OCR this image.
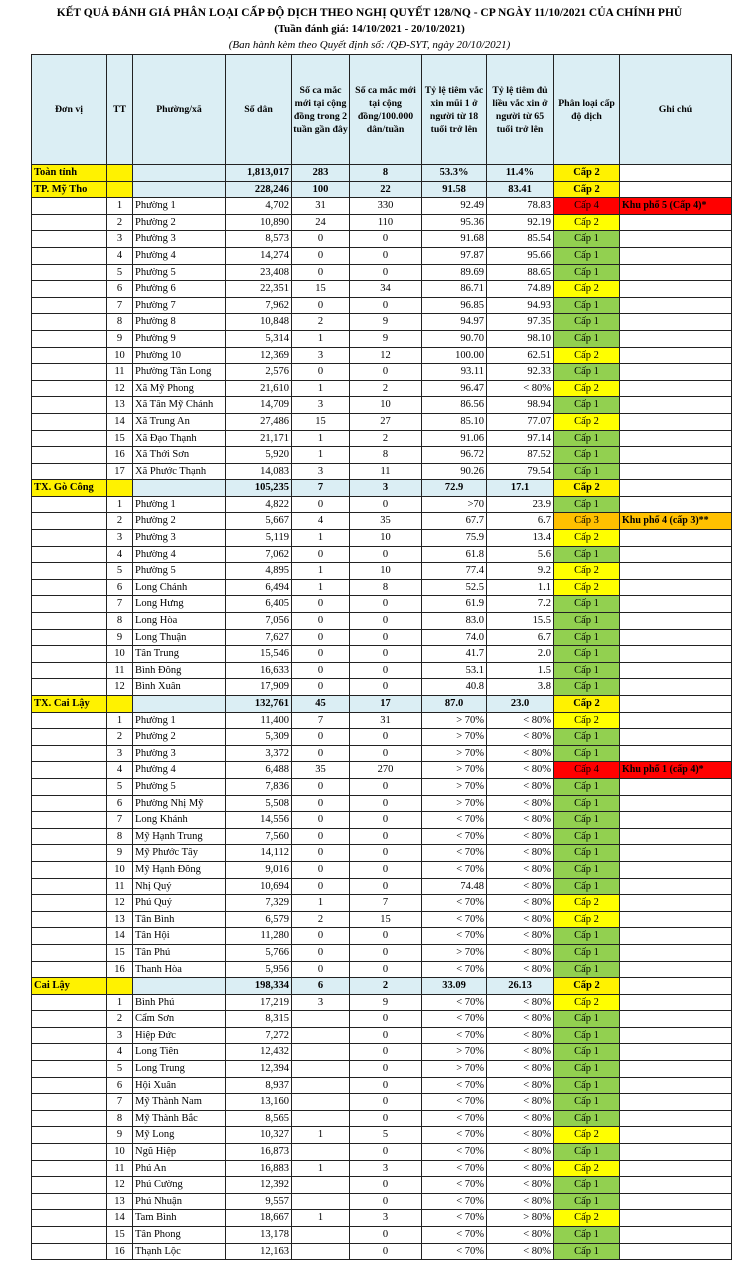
KẾT QUẢ ĐÁNH GIÁ PHÂN LOẠI CẤP ĐỘ DỊCH THEO NGHỊ QUYẾT 128/NQ - CP NGÀY 11/10/2021 CỦA CHÍNH PHỦ
(Tuần đánh giá: 14/10/2021 - 20/10/2021)
(Ban hành kèm theo Quyết định số: /QĐ-SYT, ngày 20/10/2021)
Đơn vị	TT	Phường/xã	Số dân	Số ca mắc mới tại cộng đồng trong 2 tuần gần đây	Số ca mắc mới tại cộng đồng/100.000 dân/tuần	Tỷ lệ tiêm vắc xin mũi 1 ở người từ 18 tuổi trở lên	Tỷ lệ tiêm đủ liều vắc xin ở người từ 65 tuổi trở lên	Phân loại cấp độ dịch	Ghi chú
Toàn tỉnh			1,813,017	283	8	53.3%	11.4%	Cấp 2	
TP. Mỹ Tho			228,246	100	22	91.58	83.41	Cấp 2	
	1	Phường 1	4,702	31	330	92.49	78.83	Cấp 4	Khu phố 5 (Cấp 4)*
	2	Phường 2	10,890	24	110	95.36	92.19	Cấp 2	
	3	Phường 3	8,573	0	0	91.68	85.54	Cấp 1	
	4	Phường 4	14,274	0	0	97.87	95.66	Cấp 1	
	5	Phường 5	23,408	0	0	89.69	88.65	Cấp 1	
	6	Phường 6	22,351	15	34	86.71	74.89	Cấp 2	
	7	Phường 7	7,962	0	0	96.85	94.93	Cấp 1	
	8	Phường 8	10,848	2	9	94.97	97.35	Cấp 1	
	9	Phường 9	5,314	1	9	90.70	98.10	Cấp 1	
	10	Phường 10	12,369	3	12	100.00	62.51	Cấp 2	
	11	Phường Tân Long	2,576	0	0	93.11	92.33	Cấp 1	
	12	Xã Mỹ Phong	21,610	1	2	96.47	< 80%	Cấp 2	
	13	Xã Tân Mỹ Chánh	14,709	3	10	86.56	98.94	Cấp 1	
	14	Xã Trung An	27,486	15	27	85.10	77.07	Cấp 2	
	15	Xã Đạo Thạnh	21,171	1	2	91.06	97.14	Cấp 1	
	16	Xã Thới Sơn	5,920	1	8	96.72	87.52	Cấp 1	
	17	Xã Phước Thạnh	14,083	3	11	90.26	79.54	Cấp 1	
TX. Gò Công			105,235	7	3	72.9	17.1	Cấp 2	
	1	Phường 1	4,822	0	0	>70	23.9	Cấp 1	
	2	Phường 2	5,667	4	35	67.7	6.7	Cấp 3	Khu phố 4 (cấp 3)**
	3	Phường 3	5,119	1	10	75.9	13.4	Cấp 2	
	4	Phường 4	7,062	0	0	61.8	5.6	Cấp 1	
	5	Phường 5	4,895	1	10	77.4	9.2	Cấp 2	
	6	Long Chánh	6,494	1	8	52.5	1.1	Cấp 2	
	7	Long Hưng	6,405	0	0	61.9	7.2	Cấp 1	
	8	Long Hòa	7,056	0	0	83.0	15.5	Cấp 1	
	9	Long Thuận	7,627	0	0	74.0	6.7	Cấp 1	
	10	Tân Trung	15,546	0	0	41.7	2.0	Cấp 1	
	11	Bình Đông	16,633	0	0	53.1	1.5	Cấp 1	
	12	Bình Xuân	17,909	0	0	40.8	3.8	Cấp 1	
TX. Cai Lậy			132,761	45	17	87.0	23.0	Cấp 2	
	1	Phường 1	11,400	7	31	> 70%	< 80%	Cấp 2	
	2	Phường 2	5,309	0	0	> 70%	< 80%	Cấp 1	
	3	Phường 3	3,372	0	0	> 70%	< 80%	Cấp 1	
	4	Phường 4	6,488	35	270	> 70%	< 80%	Cấp 4	Khu phố 1 (cấp 4)*
	5	Phường 5	7,836	0	0	> 70%	< 80%	Cấp 1	
	6	Phường Nhị Mỹ	5,508	0	0	> 70%	< 80%	Cấp 1	
	7	Long Khánh	14,556	0	0	< 70%	< 80%	Cấp 1	
	8	Mỹ Hạnh Trung	7,560	0	0	< 70%	< 80%	Cấp 1	
	9	Mỹ Phước Tây	14,112	0	0	< 70%	< 80%	Cấp 1	
	10	Mỹ Hạnh Đông	9,016	0	0	< 70%	< 80%	Cấp 1	
	11	Nhị Quý	10,694	0	0	74.48	< 80%	Cấp 1	
	12	Phú Quý	7,329	1	7	< 70%	< 80%	Cấp 2	
	13	Tân Bình	6,579	2	15	< 70%	< 80%	Cấp 2	
	14	Tân Hội	11,280	0	0	< 70%	< 80%	Cấp 1	
	15	Tân Phú	5,766	0	0	> 70%	< 80%	Cấp 1	
	16	Thanh Hòa	5,956	0	0	< 70%	< 80%	Cấp 1	
Cai Lậy			198,334	6	2	33.09	26.13	Cấp 2	
	1	Bình Phú	17,219	3	9	< 70%	< 80%	Cấp 2	
	2	Cẩm Sơn	8,315		0	< 70%	< 80%	Cấp 1	
	3	Hiệp Đức	7,272		0	< 70%	< 80%	Cấp 1	
	4	Long Tiên	12,432		0	> 70%	< 80%	Cấp 1	
	5	Long Trung	12,394		0	> 70%	< 80%	Cấp 1	
	6	Hội Xuân	8,937		0	< 70%	< 80%	Cấp 1	
	7	Mỹ Thành Nam	13,160		0	< 70%	< 80%	Cấp 1	
	8	Mỹ Thành Bắc	8,565		0	< 70%	< 80%	Cấp 1	
	9	Mỹ Long	10,327	1	5	< 70%	< 80%	Cấp 2	
	10	Ngũ Hiệp	16,873		0	< 70%	< 80%	Cấp 1	
	11	Phú An	16,883	1	3	< 70%	< 80%	Cấp 2	
	12	Phú Cường	12,392		0	< 70%	< 80%	Cấp 1	
	13	Phú Nhuận	9,557		0	< 70%	< 80%	Cấp 1	
	14	Tam Bình	18,667	1	3	< 70%	> 80%	Cấp 2	
	15	Tân Phong	13,178		0	< 70%	< 80%	Cấp 1	
	16	Thạnh Lộc	12,163		0	< 70%	< 80%	Cấp 1	
